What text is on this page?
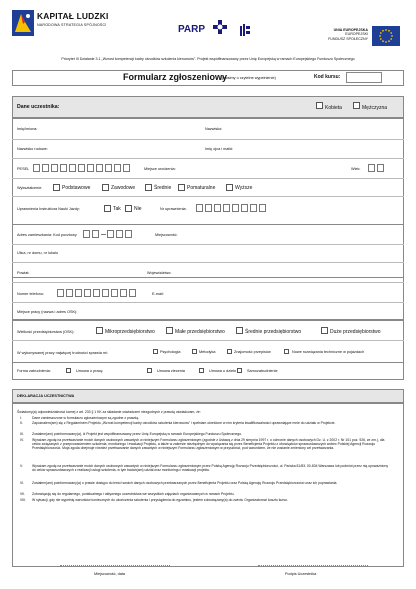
KAPITAŁ LUDZKI
NARODOWA STRATEGIA SPÓJNOŚCI	PARP	UNIA EUROPEJSKA
EUROPEJSKI
FUNDUSZ SPOŁECZNY
Priorytet III Działanie 3.1 „Wzrost kompetencji kadry ośrodków szkolenia kierowców". Projekt współfinansowany przez Unię Europejską w ramach Europejskiego Funduszu Społecznego
Formularz zgłoszeniowy
(prosimy o czytelne wypełnienie)	Kod kursu:
Dane uczestnika:	Kobieta	Mężczyzna
Imię/imiona:	Nazwisko:
Nazwisko rodowe:	Imię ojca i matki:
PESEL	Miejsce urodzenia:	Wiek:
Wykształcenie:	Podstawowe	Zawodowe	Średnie	Pomaturalne	Wyższe
Uprawnienia Instruktora Nauki Jazdy:	Tak	Nie	Nr uprawnienia:
Adres zamieszkania: Kod pocztowy	Miejscowość:
Ulica, nr domu, nr lokalu
Powiat:	Województwo:
Numer telefonu:	E-mail:
Miejsce pracy (nazwa i adres OSK):
Wielkość przedsiębiorstwa (OSK):	Mikroprzedsiębiorstwo	Małe przedsiębiorstwo	Średnie przedsiębiorstwo	Duże przedsiębiorstwo
W wykonywanej pracy najwięcej trudności sprawia mi:	Psychologia	Metodyka	Znajomość przepisów	Nowe rozwiązania techniczne w pojazdach
Forma zatrudnienia:	Umowa o pracę	Umowa zlecenia	Umowa o dzieło	Samozatrudnienie
DEKLARACJA UCZESTNICTWA
Świadomy(a) odpowiedzialności karnej z art. 233 § 1 KK za składanie oświadczeń niezgodnych z prawdą oświadczam, że:
I.	Dane zamieszczone w formularzu zgłoszeniowym są zgodne z prawdą.
II.	Zapoznałem(am) się z Regulaminem Projektu „Wzrost kompetencji kadry ośrodków szkolenia kierowców" i spełniam określone w nim kryteria kwalifikowalności uprawniające mnie do udziału w Projekcie.
III.	Zostałem(am) poinformowany(a), iż Projekt jest współfinansowany przez Unię Europejską w ramach Europejskiego Funduszu Społecznego.
IV.	Wyrażam zgodę na przetwarzanie moich danych osobowych zawartych w niniejszym Formularzu zgłoszeniowym (zgodnie z Ustawą z dnia 29 sierpnia 1997 r. o ochronie danych osobowych Dz. U. z 2002 r. Nr 101 poz. 926, ze zm.), dla celów związanych z przeprowadzeniem szkolenia, monitoringu i ewaluacji Projektu, a także w zakresie niezbędnym do wywiązania się przez Beneficjenta Projektu z obowiązków sprawozdawczych wobec Polskiej Agencji Rozwoju Przedsiębiorczości. Moja zgoda obejmuje również przetwarzanie danych zawartych w niniejszym Formularzu zgłoszeniowym w przyszłości, pod warunkiem, że nie zostanie zmieniony cel przetwarzania.
V.	Wyrażam zgodę na przetwarzanie moich danych osobowych zawartych w niniejszym Formularzu zgłoszeniowym przez Polską Agencję Rozwoju Przedsiębiorczości, ul. Pańska 81/83, 00-834 Warszawa lub podmiot przez nią upoważniony do celów sprawozdawczych z realizacji usługi szkolenia, w tym badań(am) udział oraz monitoringu i ewaluacji projektu.
VI.	Zostałem(am) poinformowany(a) o prawie dostępu do treści swoich danych osobowych przetwarzanych przez Beneficjenta Projektu oraz Polską Agencję Rozwoju Przedsiębiorczości oraz ich poprawiania.
VII.	Zobowiązuję się do regularnego, punktualnego i aktywnego uczestnictwa we wszystkich zajęciach organizowanych w ramach Projektu.
VIII.	W sytuacji, gdy nie wypełnię warunków koniecznych do ukończenia szkolenia i przystąpienia do egzaminu, jestem zobowiązany(a) do zwrotu Organizatorowi kosztu kursu.
Miejscowość, data	Podpis Uczestnika
